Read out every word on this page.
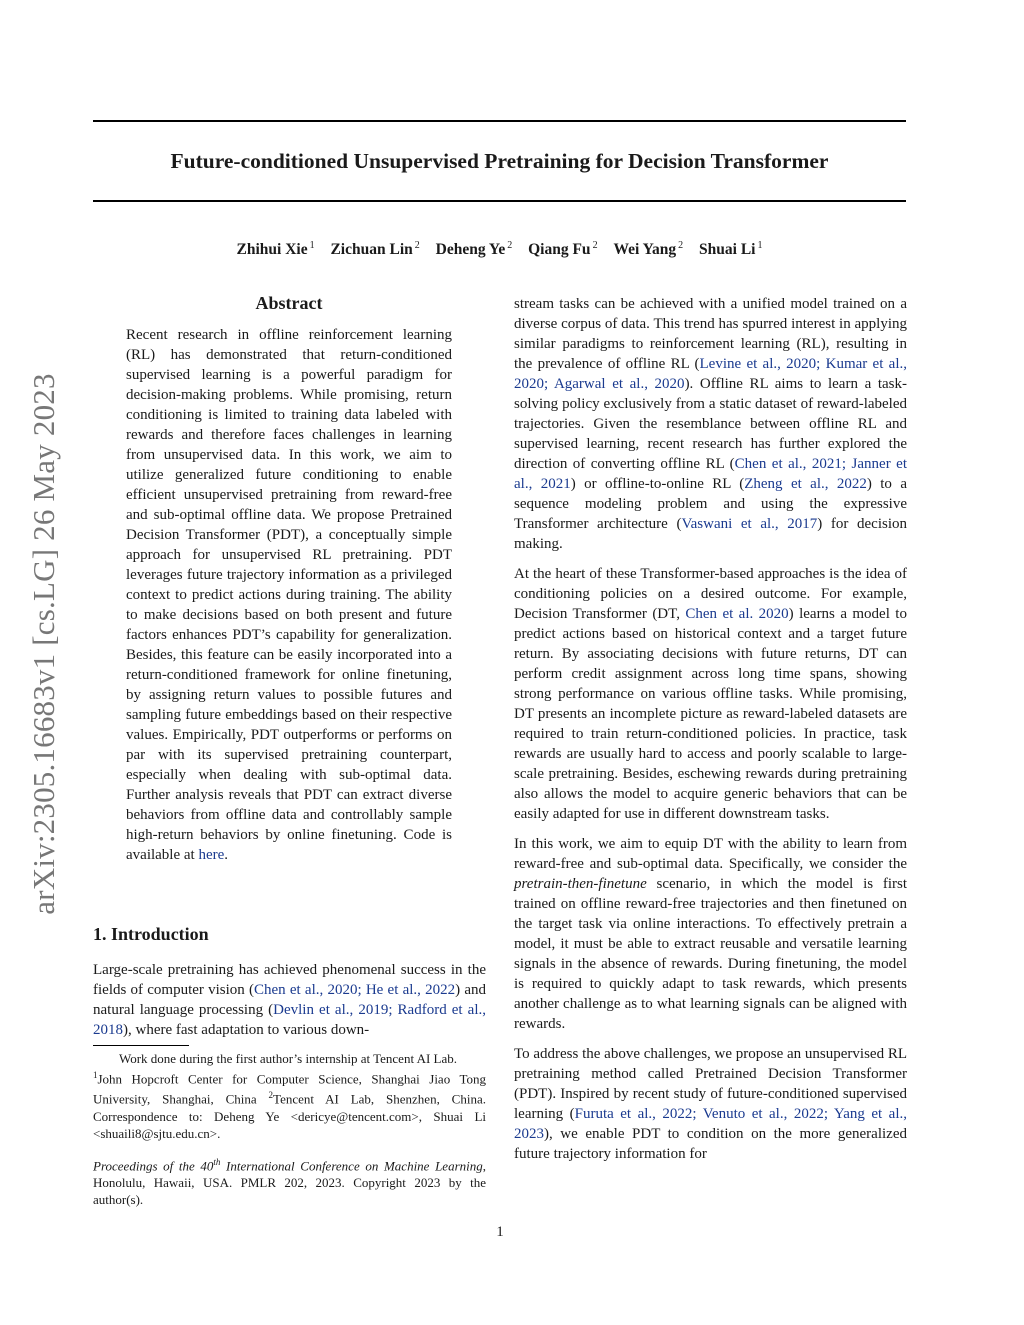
Future-conditioned Unsupervised Pretraining for Decision Transformer
Zhihui Xie $^1$ Zichuan Lin $^2$ Deheng Ye $^2$ Qiang Fu $^2$ Wei Yang $^2$ Shuai Li $^1$
arXiv:2305.16683v1 [cs.LG] 26 May 2023
Abstract

Recent research in offline reinforcement learning (RL) has demonstrated that return-conditioned supervised learning is a powerful paradigm for decision-making problems. While promising, return conditioning is limited to training data labeled with rewards and therefore faces challenges in learning from unsupervised data. In this work, we aim to utilize generalized future conditioning to enable efficient unsupervised pretraining from reward-free and sub-optimal offline data. We propose Pretrained Decision Transformer (PDT), a conceptually simple approach for unsupervised RL pretraining. PDT leverages future trajectory information as a privileged context to predict actions during training. The ability to make decisions based on both present and future factors enhances PDT’s capability for generalization. Besides, this feature can be easily incorporated into a return-conditioned framework for online finetuning, by assigning return values to possible futures and sampling future embeddings based on their respective values. Empirically, PDT outperforms or performs on par with its supervised pretraining counterpart, especially when dealing with sub-optimal data. Further analysis reveals that PDT can extract diverse behaviors from offline data and controllably sample high-return behaviors by online finetuning. Code is available at here.

1. Introduction

Large-scale pretraining has achieved phenomenal success in the fields of computer vision (Chen et al., 2020; He et al., 2022) and natural language processing (Devlin et al., 2019; Radford et al., 2018), where fast adaptation to various down-

  Work done during the first author’s internship at Tencent AI Lab.

$^1$John Hopcroft Center for Computer Science, Shanghai Jiao Tong University, Shanghai, China $^2$Tencent AI Lab, Shenzhen, China. Correspondence to: Deheng Ye <dericye@tencent.com>, Shuai Li <shuaili8@sjtu.edu.cn>.

Proceedings of the 40th International Conference on Machine Learning, Honolulu, Hawaii, USA. PMLR 202, 2023. Copyright 2023 by the author(s).

stream tasks can be achieved with a unified model trained on a diverse corpus of data. This trend has spurred interest in applying similar paradigms to reinforcement learning (RL), resulting in the prevalence of offline RL (Levine et al., 2020; Kumar et al., 2020; Agarwal et al., 2020). Offline RL aims to learn a task-solving policy exclusively from a static dataset of reward-labeled trajectories. Given the resemblance between offline RL and supervised learning, recent research has further explored the direction of converting offline RL (Chen et al., 2021; Janner et al., 2021) or offline-to-online RL (Zheng et al., 2022) to a sequence modeling problem and using the expressive Transformer architecture (Vaswani et al., 2017) for decision making.

At the heart of these Transformer-based approaches is the idea of conditioning policies on a desired outcome. For example, Decision Transformer (DT, Chen et al. 2020) learns a model to predict actions based on historical context and a target future return. By associating decisions with future returns, DT can perform credit assignment across long time spans, showing strong performance on various offline tasks. While promising, DT presents an incomplete picture as reward-labeled datasets are required to train return-conditioned policies. In practice, task rewards are usually hard to access and poorly scalable to large-scale pretraining. Besides, eschewing rewards during pretraining also allows the model to acquire generic behaviors that can be easily adapted for use in different downstream tasks.

In this work, we aim to equip DT with the ability to learn from reward-free and sub-optimal data. Specifically, we consider the pretrain-then-finetune scenario, in which the model is first trained on offline reward-free trajectories and then finetuned on the target task via online interactions. To effectively pretrain a model, it must be able to extract reusable and versatile learning signals in the absence of rewards. During finetuning, the model is required to quickly adapt to task rewards, which presents another challenge as to what learning signals can be aligned with rewards.

To address the above challenges, we propose an unsupervised RL pretraining method called Pretrained Decision Transformer (PDT). Inspired by recent study of future-conditioned supervised learning (Furuta et al., 2022; Venuto et al., 2022; Yang et al., 2023), we enable PDT to condition on the more generalized future trajectory information for

1
